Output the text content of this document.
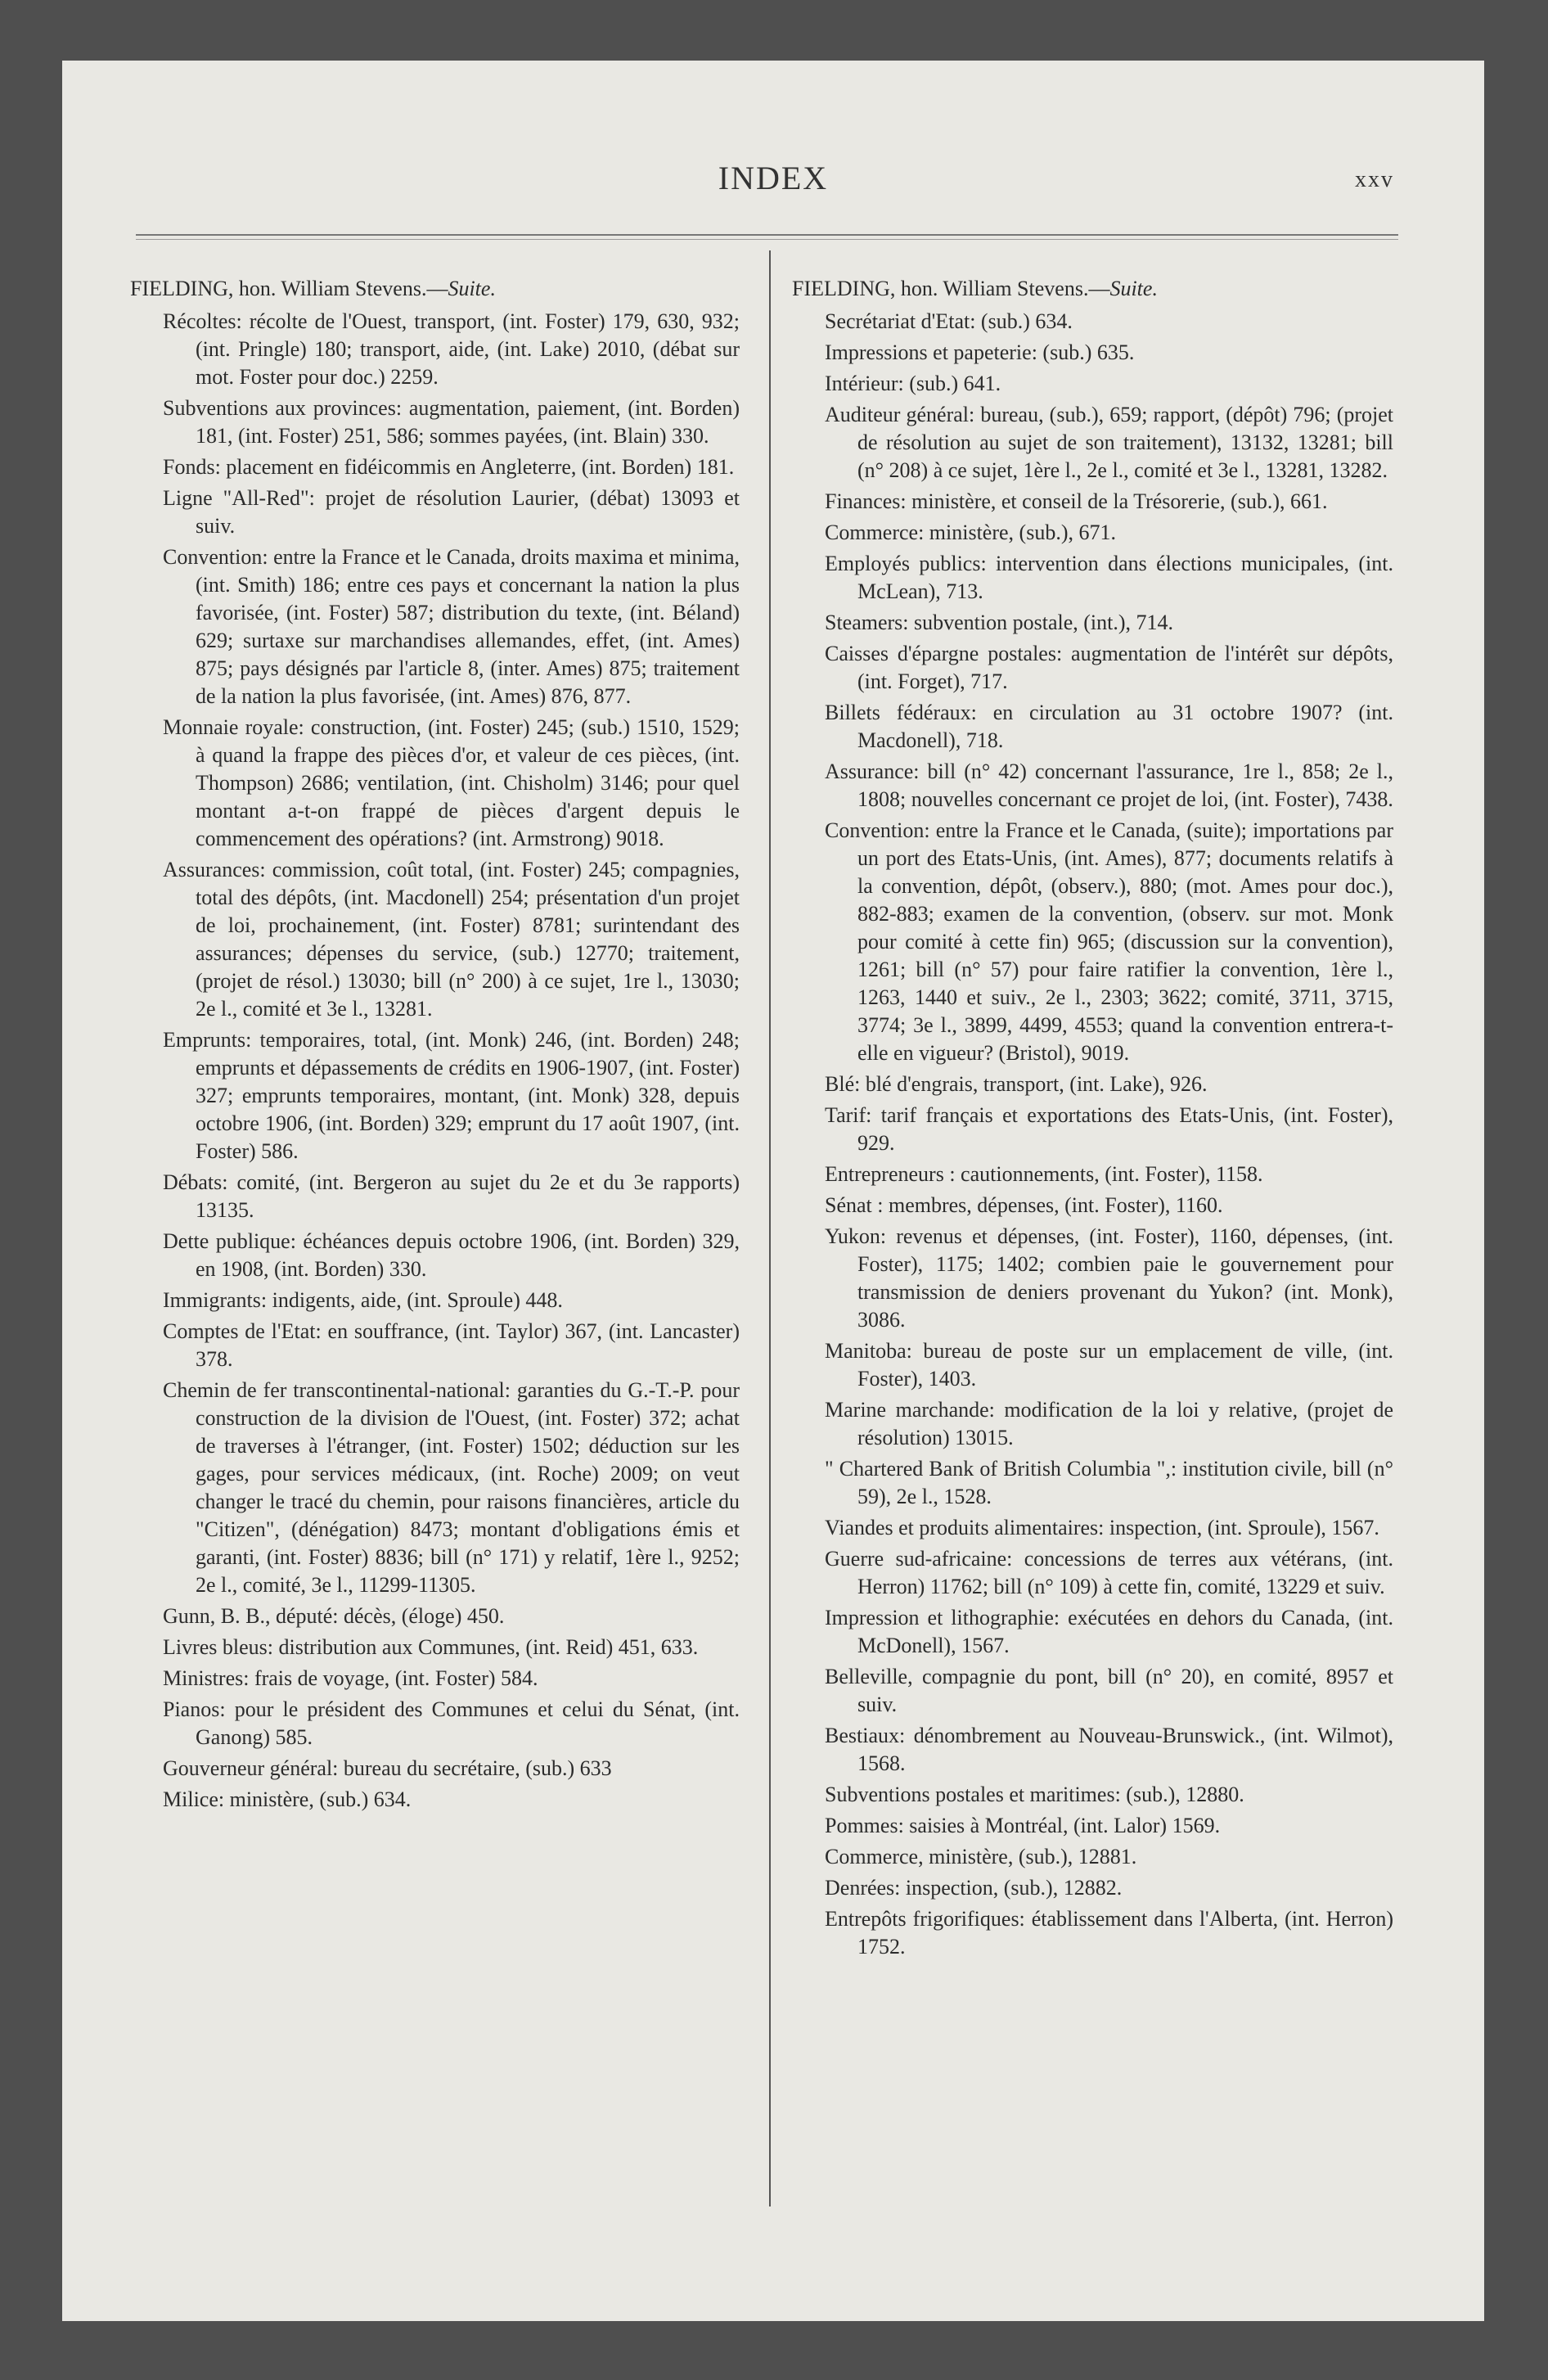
INDEX	xxv

FIELDING, hon. William Stevens.—Suite.

Récoltes: récolte de l'Ouest, transport, (int. Foster) 179, 630, 932; (int. Pringle) 180; transport, aide, (int. Lake) 2010, (débat sur mot. Foster pour doc.) 2259.

Subventions aux provinces: augmentation, paiement, (int. Borden) 181, (int. Foster) 251, 586; sommes payées, (int. Blain) 330.

Fonds: placement en fidéicommis en Angleterre, (int. Borden) 181.

Ligne "All-Red": projet de résolution Laurier, (débat) 13093 et suiv.

Convention: entre la France et le Canada, droits maxima et minima, (int. Smith) 186; entre ces pays et concernant la nation la plus favorisée, (int. Foster) 587; distribution du texte, (int. Béland) 629; surtaxe sur marchandises allemandes, effet, (int. Ames) 875; pays désignés par l'article 8, (inter. Ames) 875; traitement de la nation la plus favorisée, (int. Ames) 876, 877.

Monnaie royale: construction, (int. Foster) 245; (sub.) 1510, 1529; à quand la frappe des pièces d'or, et valeur de ces pièces, (int. Thompson) 2686; ventilation, (int. Chisholm) 3146; pour quel montant a-t-on frappé de pièces d'argent depuis le commencement des opérations? (int. Armstrong) 9018.

Assurances: commission, coût total, (int. Foster) 245; compagnies, total des dépôts, (int. Macdonell) 254; présentation d'un projet de loi, prochainement, (int. Foster) 8781; surintendant des assurances; dépenses du service, (sub.) 12770; traitement, (projet de résol.) 13030; bill (n° 200) à ce sujet, 1re l., 13030; 2e l., comité et 3e l., 13281.

Emprunts: temporaires, total, (int. Monk) 246, (int. Borden) 248; emprunts et dépassements de crédits en 1906-1907, (int. Foster) 327; emprunts temporaires, montant, (int. Monk) 328, depuis octobre 1906, (int. Borden) 329; emprunt du 17 août 1907, (int. Foster) 586.

Débats: comité, (int. Bergeron au sujet du 2e et du 3e rapports) 13135.

Dette publique: échéances depuis octobre 1906, (int. Borden) 329, en 1908, (int. Borden) 330.

Immigrants: indigents, aide, (int. Sproule) 448.

Comptes de l'Etat: en souffrance, (int. Taylor) 367, (int. Lancaster) 378.

Chemin de fer transcontinental-national: garanties du G.-T.-P. pour construction de la division de l'Ouest, (int. Foster) 372; achat de traverses à l'étranger, (int. Foster) 1502; déduction sur les gages, pour services médicaux, (int. Roche) 2009; on veut changer le tracé du chemin, pour raisons financières, article du "Citizen", (dénégation) 8473; montant d'obligations émis et garanti, (int. Foster) 8836; bill (n° 171) y relatif, 1ère l., 9252; 2e l., comité, 3e l., 11299-11305.

Gunn, B. B., député: décès, (éloge) 450.

Livres bleus: distribution aux Communes, (int. Reid) 451, 633.

Ministres: frais de voyage, (int. Foster) 584.

Pianos: pour le président des Communes et celui du Sénat, (int. Ganong) 585.

Gouverneur général: bureau du secrétaire, (sub.) 633

Milice: ministère, (sub.) 634.

FIELDING, hon. William Stevens.—Suite.

Secrétariat d'Etat: (sub.) 634.

Impressions et papeterie: (sub.) 635.

Intérieur: (sub.) 641.

Auditeur général: bureau, (sub.), 659; rapport, (dépôt) 796; (projet de résolution au sujet de son traitement), 13132, 13281; bill (n° 208) à ce sujet, 1ère l., 2e l., comité et 3e l., 13281, 13282.

Finances: ministère, et conseil de la Trésorerie, (sub.), 661.

Commerce: ministère, (sub.), 671.

Employés publics: intervention dans élections municipales, (int. McLean), 713.

Steamers: subvention postale, (int.), 714.

Caisses d'épargne postales: augmentation de l'intérêt sur dépôts, (int. Forget), 717.

Billets fédéraux: en circulation au 31 octobre 1907? (int. Macdonell), 718.

Assurance: bill (n° 42) concernant l'assurance, 1re l., 858; 2e l., 1808; nouvelles concernant ce projet de loi, (int. Foster), 7438.

Convention: entre la France et le Canada, (suite); importations par un port des Etats-Unis, (int. Ames), 877; documents relatifs à la convention, dépôt, (observ.), 880; (mot. Ames pour doc.), 882-883; examen de la convention, (observ. sur mot. Monk pour comité à cette fin) 965; (discussion sur la convention), 1261; bill (n° 57) pour faire ratifier la convention, 1ère l., 1263, 1440 et suiv., 2e l., 2303; 3622; comité, 3711, 3715, 3774; 3e l., 3899, 4499, 4553; quand la convention entrera-t-elle en vigueur? (Bristol), 9019.

Blé: blé d'engrais, transport, (int. Lake), 926.

Tarif: tarif français et exportations des Etats-Unis, (int. Foster), 929.

Entrepreneurs : cautionnements, (int. Foster), 1158.

Sénat : membres, dépenses, (int. Foster), 1160.

Yukon: revenus et dépenses, (int. Foster), 1160, dépenses, (int. Foster), 1175; 1402; combien paie le gouvernement pour transmission de deniers provenant du Yukon? (int. Monk), 3086.

Manitoba: bureau de poste sur un emplacement de ville, (int. Foster), 1403.

Marine marchande: modification de la loi y relative, (projet de résolution) 13015.

" Chartered Bank of British Columbia ",: institution civile, bill (n° 59), 2e l., 1528.

Viandes et produits alimentaires: inspection, (int. Sproule), 1567.

Guerre sud-africaine: concessions de terres aux vétérans, (int. Herron) 11762; bill (n° 109) à cette fin, comité, 13229 et suiv.

Impression et lithographie: exécutées en dehors du Canada, (int. McDonell), 1567.

Belleville, compagnie du pont, bill (n° 20), en comité, 8957 et suiv.

Bestiaux: dénombrement au Nouveau-Brunswick., (int. Wilmot), 1568.

Subventions postales et maritimes: (sub.), 12880.

Pommes: saisies à Montréal, (int. Lalor) 1569.

Commerce, ministère, (sub.), 12881.

Denrées: inspection, (sub.), 12882.

Entrepôts frigorifiques: établissement dans l'Alberta, (int. Herron) 1752.
